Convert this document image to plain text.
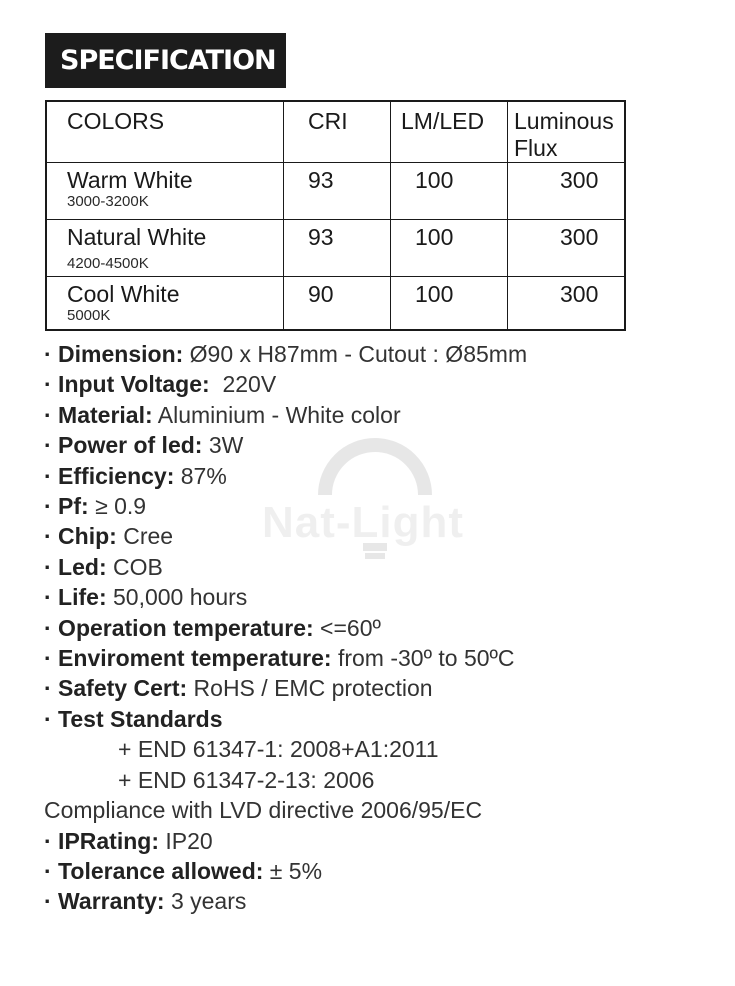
SPECIFICATION
Nat-Light
COLORS	CRI	LM/LED	Luminous Flux

Warm White
3000-3200K	93	100	300

Natural White
4200-4500K	93	100	300

Cool White
5000K	90	100	300
· Dimension: Ø90 x H87mm - Cutout : Ø85mm
· Input Voltage:  220V
· Material: Aluminium - White color
· Power of led: 3W
· Efficiency: 87%
· Pf: ≥ 0.9
· Chip: Cree
· Led: COB
· Life: 50,000 hours
· Operation temperature: <=60º
· Enviroment temperature: from -30º to 50ºC
· Safety Cert: RoHS / EMC protection
· Test Standards
+ END 61347-1: 2008+A1:2011
+ END 61347-2-13: 2006
Compliance with LVD directive 2006/95/EC
· IPRating: IP20
· Tolerance allowed: ± 5%
· Warranty: 3 years
